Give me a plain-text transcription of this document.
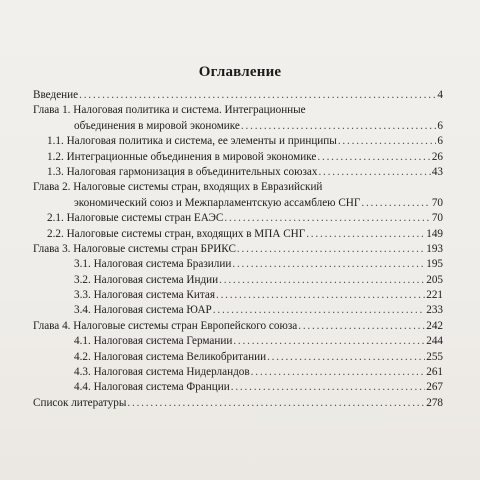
Оглавление
Введение . . .	4
Глава 1. Налоговая политика и система. Интеграционные
объединения в мировой экономике . . .	6
1.1. Налоговая политика и система, ее элементы и принципы . . .	6
1.2. Интеграционные объединения в мировой экономике . . .	26
1.3. Налоговая гармонизация в объединительных союзах . . .	43
Глава 2. Налоговые системы стран, входящих в Евразийский
экономический союз и Межпарламентскую ассамблею СНГ . . .	70
2.1. Налоговые системы стран ЕАЭС . . .	70
2.2. Налоговые системы стран, входящих в МПА СНГ . . .	149
Глава 3. Налоговые системы стран БРИКС . . .	193
3.1. Налоговая система Бразилии . . .	195
3.2. Налоговая система Индии . . .	205
3.3. Налоговая система Китая . . .	221
3.4. Налоговая система ЮАР . . .	233
Глава 4. Налоговые системы стран Европейского союза . . .	242
4.1. Налоговая система Германии . . .	244
4.2. Налоговая система Великобритании . . .	255
4.3. Налоговая система Нидерландов . . .	261
4.4. Налоговая система Франции . . .	267
Список литературы . . .	278
